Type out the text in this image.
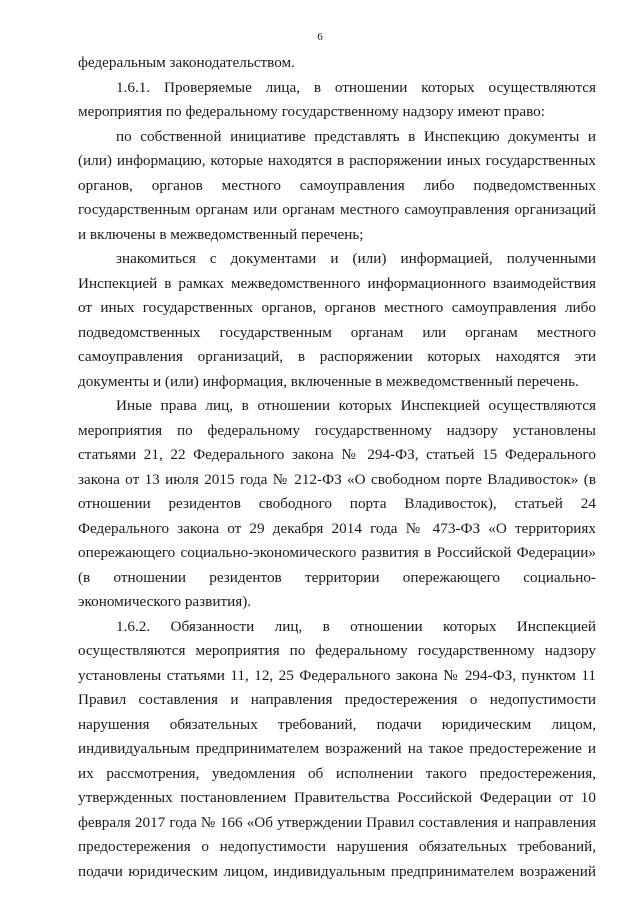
6

федеральным законодательством.

1.6.1. Проверяемые лица, в отношении которых осуществляются мероприятия по федеральному государственному надзору имеют право:

по собственной инициативе представлять в Инспекцию документы и (или) информацию, которые находятся в распоряжении иных государственных органов, органов местного самоуправления либо подведомственных государственным органам или органам местного самоуправления организаций и включены в межведомственный перечень;

знакомиться с документами и (или) информацией, полученными Инспекцией в рамках межведомственного информационного взаимодействия от иных государственных органов, органов местного самоуправления либо подведомственных государственным органам или органам местного самоуправления организаций, в распоряжении которых находятся эти документы и (или) информация, включенные в межведомственный перечень.

Иные права лиц, в отношении которых Инспекцией осуществляются мероприятия по федеральному государственному надзору установлены статьями 21, 22 Федерального закона № 294-ФЗ, статьей 15 Федерального закона от 13 июля 2015 года № 212-ФЗ «О свободном порте Владивосток» (в отношении резидентов свободного порта Владивосток), статьей 24 Федерального закона от 29 декабря 2014 года № 473-ФЗ «О территориях опережающего социально-экономического развития в Российской Федерации» (в отношении резидентов территории опережающего социально-экономического развития).

1.6.2. Обязанности лиц, в отношении которых Инспекцией осуществляются мероприятия по федеральному государственному надзору установлены статьями 11, 12, 25 Федерального закона № 294-ФЗ, пунктом 11 Правил составления и направления предостережения о недопустимости нарушения обязательных требований, подачи юридическим лицом, индивидуальным предпринимателем возражений на такое предостережение и их рассмотрения, уведомления об исполнении такого предостережения, утвержденных постановлением Правительства Российской Федерации от 10 февраля 2017 года № 166 «Об утверждении Правил составления и направления предостережения о недопустимости нарушения обязательных требований, подачи юридическим лицом, индивидуальным предпринимателем возражений
